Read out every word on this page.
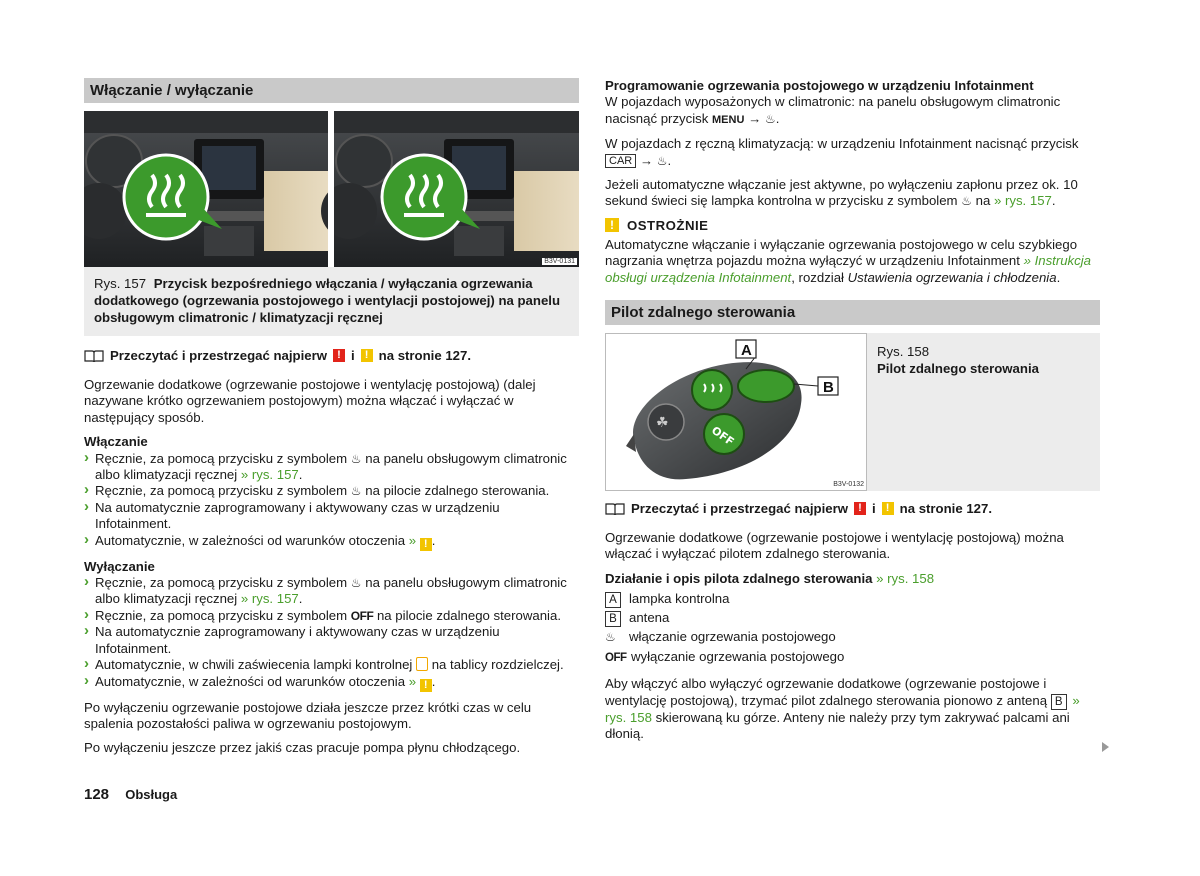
Włączanie / wyłączanie
B3V-0131
Rys. 157 Przycisk bezpośredniego włączania / wyłączania ogrzewania dodatkowego (ogrzewania postojowego i wentylacji postojowej) na panelu obsługowym climatronic / klimatyzacji ręcznej
Przeczytać i przestrzegać najpierw ! i ! na stronie 127.

Ogrzewanie dodatkowe (ogrzewanie postojowe i wentylację postojową) (dalej nazywane krótko ogrzewaniem postojowym) można włączać i wyłączać w następujący sposób.

Włączanie

› Ręcznie, za pomocą przycisku z symbolem ♨ na panelu obsługowym climatronic albo klimatyzacji ręcznej » rys. 157.
› Ręcznie, za pomocą przycisku z symbolem ♨ na pilocie zdalnego sterowania.
› Na automatycznie zaprogramowany i aktywowany czas w urządzeniu Infotainment.
› Automatycznie, w zależności od warunków otoczenia » ! .

Wyłączanie

› Ręcznie, za pomocą przycisku z symbolem ♨ na panelu obsługowym climatronic albo klimatyzacji ręcznej » rys. 157.
› Ręcznie, za pomocą przycisku z symbolem OFF na pilocie zdalnego sterowania.
› Na automatycznie zaprogramowany i aktywowany czas w urządzeniu Infotainment.
› Automatycznie, w chwili zaświecenia lampki kontrolnej na tablicy rozdzielczej.
› Automatycznie, w zależności od warunków otoczenia » ! .

Po wyłączeniu ogrzewanie postojowe działa jeszcze przez krótki czas w celu spalenia pozostałości paliwa w ogrzewaniu postojowym.

Po wyłączeniu jeszcze przez jakiś czas pracuje pompa płynu chłodzącego.

Programowanie ogrzewania postojowego w urządzeniu Infotainment

W pojazdach wyposażonych w climatronic: na panelu obsługowym climatronic nacisnąć przycisk MENU → ♨.

W pojazdach z ręczną klimatyzacją: w urządzeniu Infotainment nacisnąć przycisk CAR → ♨.

Jeżeli automatyczne włączanie jest aktywne, po wyłączeniu zapłonu przez ok. 10 sekund świeci się lampka kontrolna w przycisku z symbolem ♨ na » rys. 157.

! OSTROŻNIE

Automatyczne włączanie i wyłączanie ogrzewania postojowego w celu szybkiego nagrzania wnętrza pojazdu można wyłączyć w urządzeniu Infotainment » Instrukcja obsługi urządzenia Infotainment, rozdział Ustawienia ogrzewania i chłodzenia.

Pilot zdalnego sterowania
☘
OFF
A
B
B3V-0132
Rys. 158
Pilot zdalnego sterowania
Przeczytać i przestrzegać najpierw ! i ! na stronie 127.

Ogrzewanie dodatkowe (ogrzewanie postojowe i wentylację postojową) można włączać i wyłączać pilotem zdalnego sterowania.

Działanie i opis pilota zdalnego sterowania » rys. 158

A lampka kontrolna
B antena
♨ włączanie ogrzewania postojowego
OFF wyłączanie ogrzewania postojowego

Aby włączyć albo wyłączyć ogrzewanie dodatkowe (ogrzewanie postojowe i wentylację postojową), trzymać pilot zdalnego sterowania pionowo z anteną B » rys. 158 skierowaną ku górze. Anteny nie należy przy tym zakrywać palcami ani dłonią.

128 Obsługa
